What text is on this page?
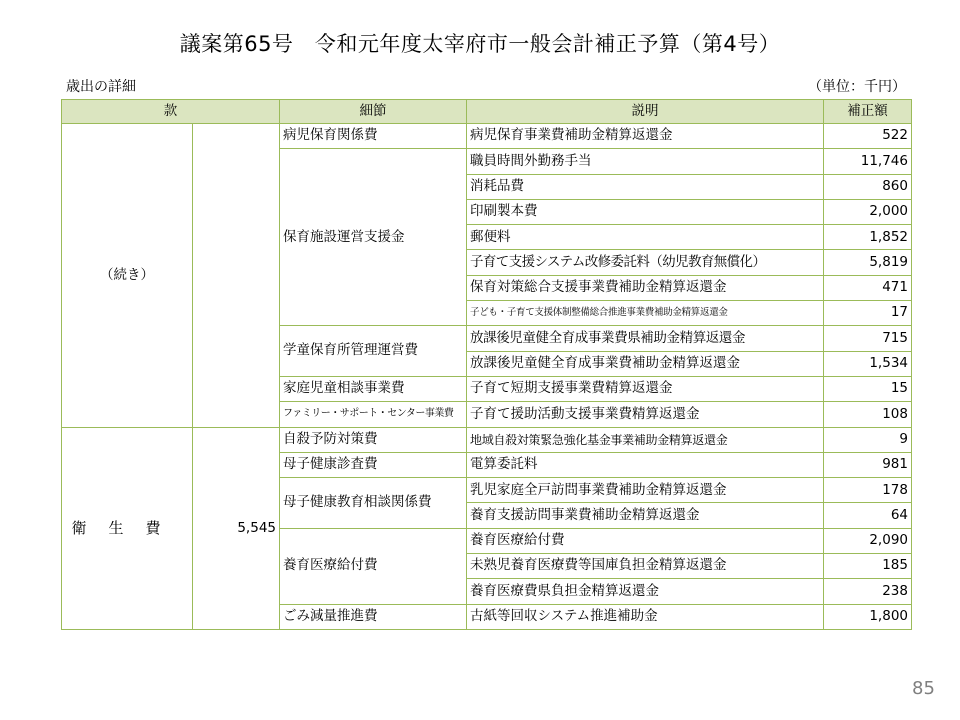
議案第65号　令和元年度太宰府市一般会計補正予算（第4号）
歳出の詳細	（単位：千円）
款		細節	説明	補正額
（続き）		病児保育関係費	病児保育事業費補助金精算返還金	522
		保育施設運営支援金	職員時間外勤務手当	11,746
			消耗品費	860
			印刷製本費	2,000
			郵便料	1,852
			子育て支援システム改修委託料（幼児教育無償化）	5,819
			保育対策総合支援事業費補助金精算返還金	471
			子ども・子育て支援体制整備総合推進事業費補助金精算返還金	17
		学童保育所管理運営費	放課後児童健全育成事業費県補助金精算返還金	715
			放課後児童健全育成事業費補助金精算返還金	1,534
		家庭児童相談事業費	子育て短期支援事業費精算返還金	15
		ファミリー・サポート・センター事業費	子育て援助活動支援事業費精算返還金	108
衛生費	5,545	自殺予防対策費	地域自殺対策緊急強化基金事業補助金精算返還金	9
		母子健康診査費	電算委託料	981
		母子健康教育相談関係費	乳児家庭全戸訪問事業費補助金精算返還金	178
			養育支援訪問事業費補助金精算返還金	64
		養育医療給付費	養育医療給付費	2,090
			未熟児養育医療費等国庫負担金精算返還金	185
			養育医療費県負担金精算返還金	238
		ごみ減量推進費	古紙等回収システム推進補助金	1,800
85
